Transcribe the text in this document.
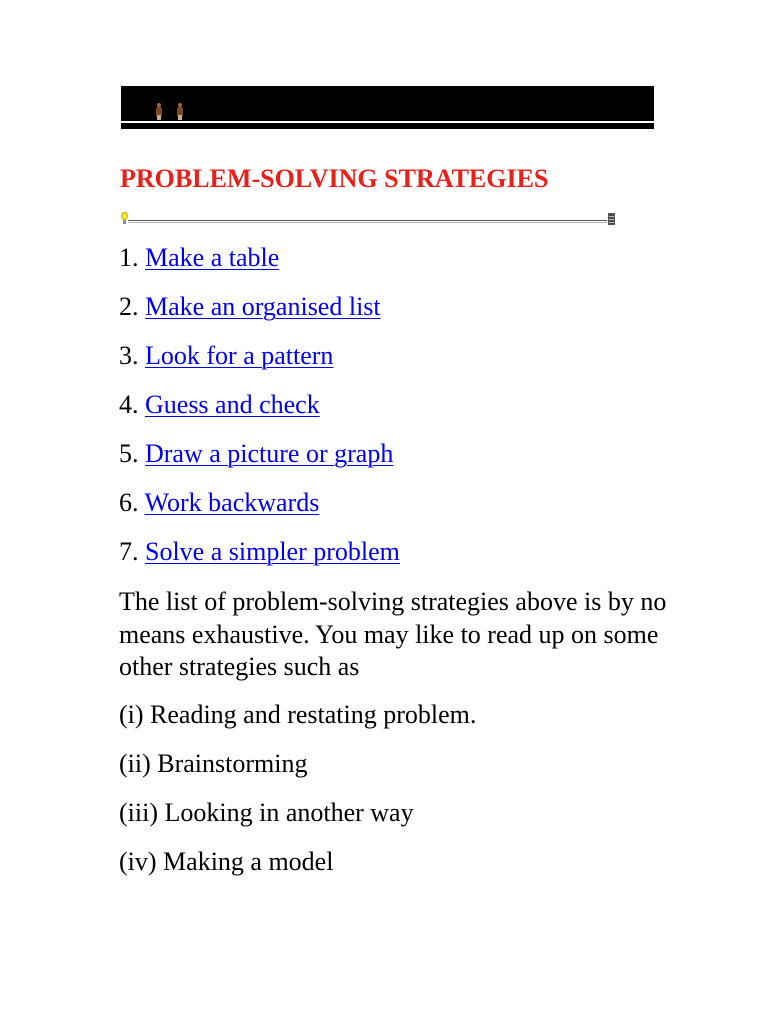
PROBLEM-SOLVING STRATEGIES
1. Make a table
2. Make an organised list
3. Look for a pattern
4. Guess and check
5. Draw a picture or graph
6. Work backwards
7. Solve a simpler problem

The list of problem-solving strategies above is by no means exhaustive. You may like to read up on some other strategies such as

(i) Reading and restating problem.
(ii) Brainstorming
(iii) Looking in another way
(iv) Making a model
